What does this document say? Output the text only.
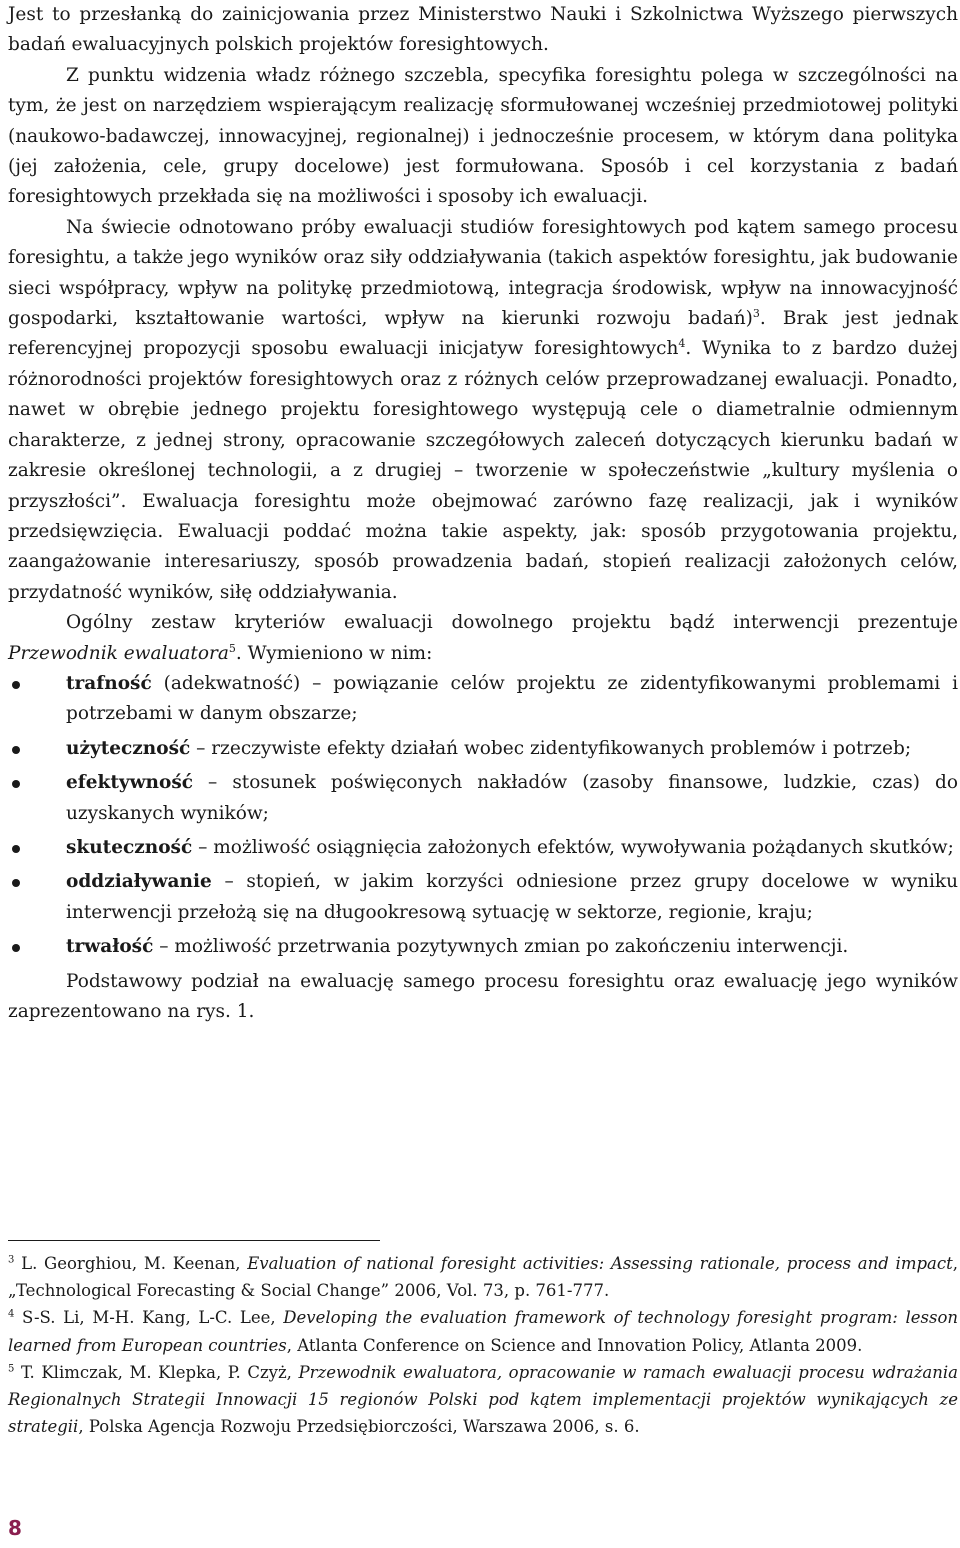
Jest to przesłanką do zainicjowania przez Ministerstwo Nauki i Szkolnictwa Wyższego pierwszych badań ewaluacyjnych polskich projektów foresightowych.

Z punktu widzenia władz różnego szczebla, specyfika foresightu polega w szczególności na tym, że jest on narzędziem wspierającym realizację sformułowanej wcześniej przedmiotowej polityki (naukowo-badawczej, innowacyjnej, regionalnej) i jednocześnie procesem, w którym dana polityka (jej założenia, cele, grupy docelowe) jest formułowana. Sposób i cel korzystania z badań foresightowych przekłada się na możliwości i sposoby ich ewaluacji.

Na świecie odnotowano próby ewaluacji studiów foresightowych pod kątem samego procesu foresightu, a także jego wyników oraz siły oddziaływania (takich aspektów foresightu, jak budowanie sieci współpracy, wpływ na politykę przedmiotową, integracja środowisk, wpływ na innowacyjność gospodarki, kształtowanie wartości, wpływ na kierunki rozwoju badań)$^3$. Brak jest jednak referencyjnej propozycji sposobu ewaluacji inicjatyw foresightowych$^4$. Wynika to z bardzo dużej różnorodności projektów foresightowych oraz z różnych celów przeprowadzanej ewaluacji. Ponadto, nawet w obrębie jednego projektu foresightowego występują cele o diametralnie odmiennym charakterze, z jednej strony, opracowanie szczegółowych zaleceń dotyczących kierunku badań w zakresie określonej technologii, a z drugiej – tworzenie w społeczeństwie „kultury myślenia o przyszłości”. Ewaluacja foresightu może obejmować zarówno fazę realizacji, jak i wyników przedsięwzięcia. Ewaluacji poddać można takie aspekty, jak: sposób przygotowania projektu, zaangażowanie interesariuszy, sposób prowadzenia badań, stopień realizacji założonych celów, przydatność wyników, siłę oddziaływania.

Ogólny zestaw kryteriów ewaluacji dowolnego projektu bądź interwencji prezentuje Przewodnik ewaluatora$^5$. Wymieniono w nim:

trafność (adekwatność) – powiązanie celów projektu ze zidentyfikowanymi problemami i potrzebami w danym obszarze;
użyteczność – rzeczywiste efekty działań wobec zidentyfikowanych problemów i potrzeb;
efektywność – stosunek poświęconych nakładów (zasoby finansowe, ludzkie, czas) do uzyskanych wyników;
skuteczność – możliwość osiągnięcia założonych efektów, wywoływania pożądanych skutków;
oddziaływanie – stopień, w jakim korzyści odniesione przez grupy docelowe w wyniku interwencji przełożą się na długookresową sytuację w sektorze, regionie, kraju;
trwałość – możliwość przetrwania pozytywnych zmian po zakończeniu interwencji.

Podstawowy podział na ewaluację samego procesu foresightu oraz ewaluację jego wyników zaprezentowano na rys. 1.

$^3$ L. Georghiou, M. Keenan, Evaluation of national foresight activities: Assessing rationale, process and impact, „Technological Forecasting & Social Change” 2006, Vol. 73, p. 761-777.

$^4$ S-S. Li, M-H. Kang, L-C. Lee, Developing the evaluation framework of technology foresight program: lesson learned from European countries, Atlanta Conference on Science and Innovation Policy, Atlanta 2009.

$^5$ T. Klimczak, M. Klepka, P. Czyż, Przewodnik ewaluatora, opracowanie w ramach ewaluacji procesu wdrażania Regionalnych Strategii Innowacji 15 regionów Polski pod kątem implementacji projektów wynikających ze strategii, Polska Agencja Rozwoju Przedsiębiorczości, Warszawa 2006, s. 6.

8
